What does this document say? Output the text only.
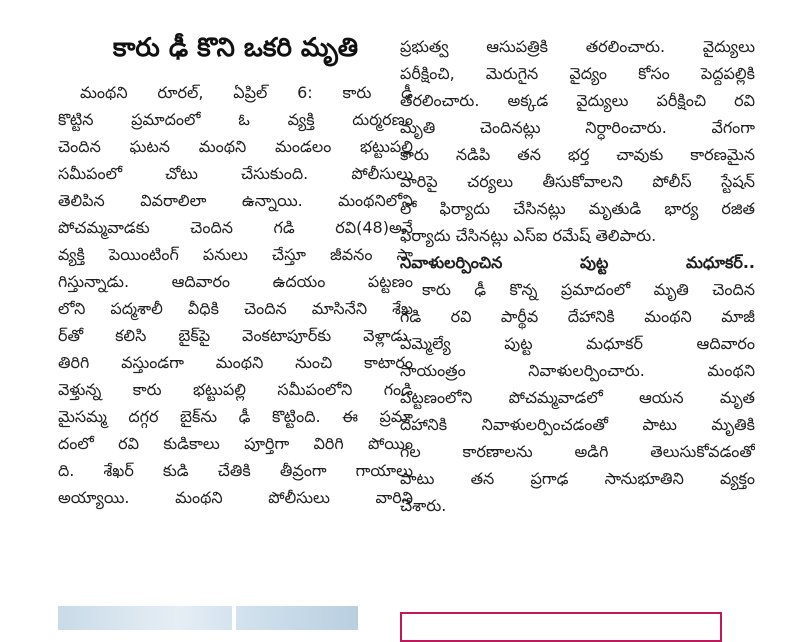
కారు ఢీ కొని ఒకరి మృతి
మంథని రూరల్, ఏప్రిల్ 6: కారు ఢీ
కొట్టిన ప్రమాదంలో ఓ వ్యక్తి దుర్మరణం
చెందిన ఘటన మంథని మండలం భట్టుపల్లి
సమీపంలో చోటు చేసుకుంది. పోలీసులు
తెలిపిన వివరాలిలా ఉన్నాయి. మంథనిలోని
పోచమ్మవాడకు చెందిన గడి రవి(48)అనే
వ్యక్తి పెయింటింగ్ పనులు చేస్తూ జీవనం సా
గిస్తున్నాడు. ఆదివారం ఉదయం పట్టణం
లోని పద్మశాలీ వీధికి చెందిన మాసినేని శేఖ
ర్‌తో కలిసి బైక్‌పై వెంకటాపూర్‌కు వెళ్లాడు.
తిరిగి వస్తుండగా మంథని నుంచి కాటారం
వెళ్తున్న కారు భట్టుపల్లి సమీపంలోని గండి
మైసమ్మ దగ్గర బైక్‌ను ఢీ కొట్టింది. ఈ ప్రమా
దంలో రవి కుడికాలు పూర్తిగా విరిగి పోయిం
ది. శేఖర్ కుడి చేతికి తీవ్రంగా గాయాలు
అయ్యాయి. మంథని పోలీసులు వారిని
ప్రభుత్వ ఆసుపత్రికి తరలించారు. వైద్యులు
పరీక్షించి, మెరుగైన వైద్యం కోసం పెద్దపల్లికి
తరలించారు. అక్కడ వైద్యులు పరీక్షించి రవి
మృతి చెందినట్లు నిర్ధారించారు. వేగంగా
కారు నడిపి తన భర్త చావుకు కారణమైన
వారిపై చర్యలు తీసుకోవాలని పోలీస్ స్టేషన్
లో ఫిర్యాదు చేసినట్లు మృతుడి భార్య రజిత
ఫిర్యాదు చేసినట్లు ఎస్ఐ రమేష్ తెలిపారు.
నివాళులర్పించిన పుట్ట మధూకర్..
కారు ఢీ కొన్న ప్రమాదంలో మృతి చెందిన
గడి రవి పార్థీవ దేహానికి మంథని మాజీ
ఎమ్మెల్యే పుట్ట మధూకర్ ఆదివారం
సాయంత్రం నివాళులర్పించారు. మంథని
పట్టణంలోని పోచమ్మవాడలో ఆయన మృత
దేహానికి నివాళులర్పించడంతో పాటు మృతికి
గల కారణాలను అడిగి తెలుసుకోవడంతో
పాటు తన ప్రగాఢ సానుభూతిని వ్యక్తం
చేశారు.
